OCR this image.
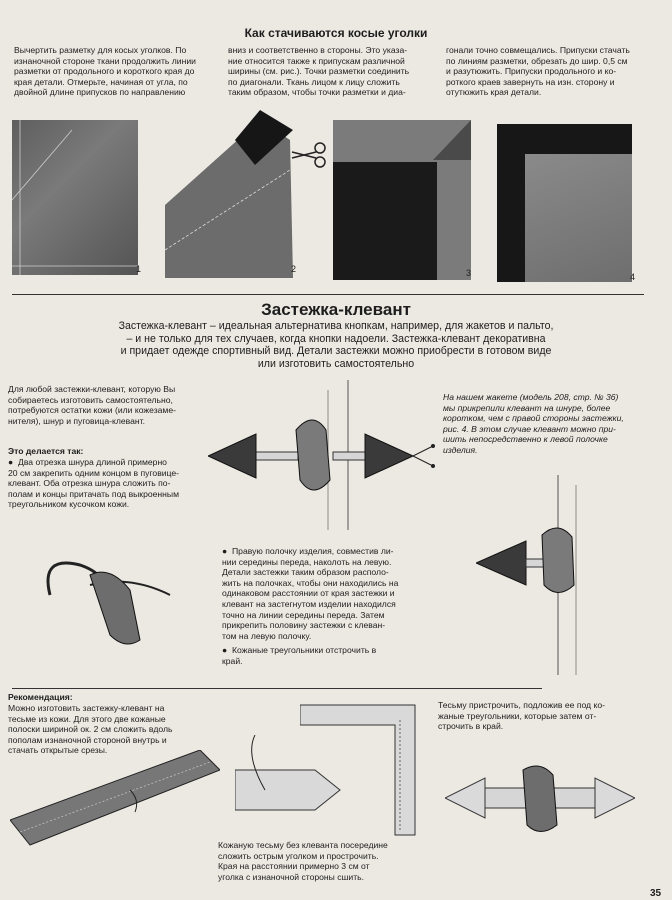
Как стачиваются косые уголки

Вычертить разметку для косых уголков. По
изнаночной стороне ткани продолжить линии
разметки от продольного и короткого края до
края детали. Отмерьте, начиная от угла, по
двойной длине припусков по направлению

вниз и соответственно в стороны. Это указа-
ние относится также к припускам различной
ширины (см. рис.). Точки разметки соединить
по диагонали. Ткань лицом к лицу сложить
таким образом, чтобы точки разметки и диа-

гонали точно совмещались. Припуски стачать
по линиям разметки, обрезать до шир. 0,5 см
и разутюжить. Припуски продольного и ко-
роткого краев завернуть на изн. сторону и
отутюжить края детали.

1	2	3	4
Застежка-клевант

Застежка-клевант – идеальная альтернатива кнопкам, например, для жакетов и пальто,
– и не только для тех случаев, когда кнопки надоели. Застежка-клевант декоративна
и придает одежде спортивный вид. Детали застежки можно приобрести в готовом виде
или изготовить самостоятельно

Для любой застежки-клевант, которую Вы
собираетесь изготовить самостоятельно,
потребуются остатки кожи (или кожезаме-
нителя), шнур и пуговица-клевант.

Это делается так:
● Два отрезка шнура длиной примерно
20 см закрепить одним концом в пуговице-
клевант. Оба отрезка шнура сложить по-
полам и концы притачать под выкроенным
треугольником кусочком кожи.

На нашем жакете (модель 208, стр. № 36)
мы прикрепили клевант на шнуре, более
коротком, чем с правой стороны застежки,
рис. 4. В этом случае клевант можно при-
шить непосредственно к левой полочке
изделия.

● Правую полочку изделия, совместив ли-
нии середины переда, наколоть на левую.
Детали застежки таким образом располо-
жить на полочках, чтобы они находились на
одинаковом расстоянии от края застежки и
клевант на застегнутом изделии находился
точно на линии середины переда. Затем
прикрепить половину застежки с клеван-
том на левую полочку.

● Кожаные треугольники отстрочить в
край.

Рекомендация:

Можно изготовить застежку-клевант на
тесьме из кожи. Для этого две кожаные
полоски шириной ок. 2 см сложить вдоль
пополам изнаночной стороной внутрь и
стачать открытые срезы.

Кожаную тесьму без клеванта посередине
сложить острым уголком и прострочить.
Края на расстоянии примерно 3 см от
уголка с изнаночной стороны сшить.

Тесьму пристрочить, подложив ее под ко-
жаные треугольники, которые затем от-
строчить в край.

35
